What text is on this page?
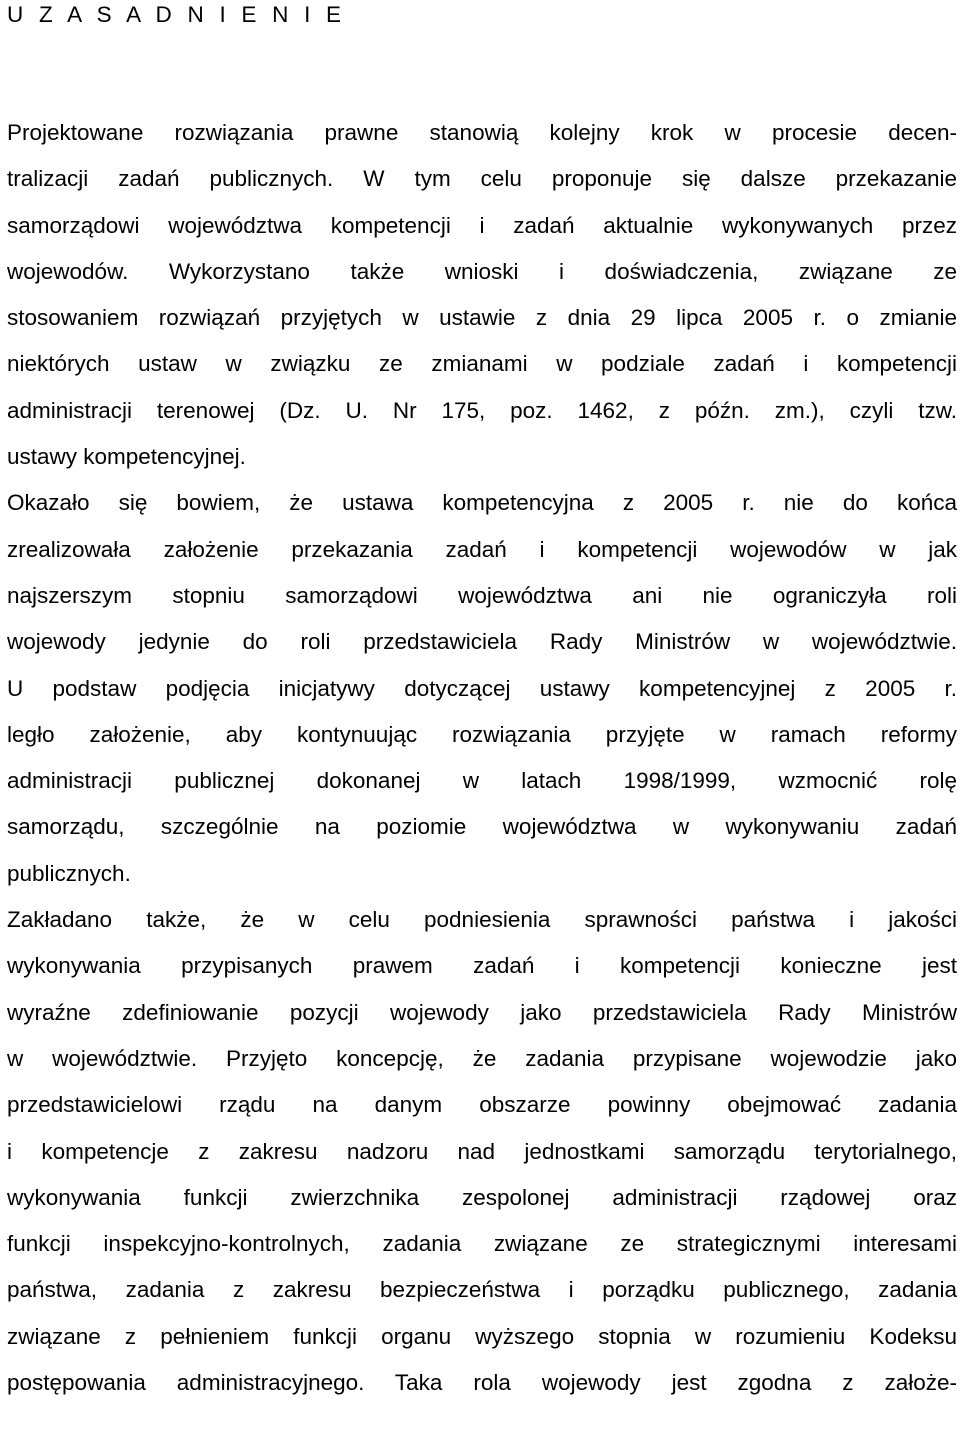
U Z A S A D N I E N I E
Projektowane rozwiązania prawne stanowią kolejny krok w procesie decen-
tralizacji zadań publicznych. W tym celu proponuje się dalsze przekazanie
samorządowi województwa kompetencji i zadań aktualnie wykonywanych przez
wojewodów. Wykorzystano także wnioski i doświadczenia, związane ze
stosowaniem rozwiązań przyjętych w ustawie z dnia 29 lipca 2005 r. o zmianie
niektórych ustaw w związku ze zmianami w podziale zadań i kompetencji
administracji terenowej (Dz. U. Nr 175, poz. 1462, z późn. zm.), czyli tzw.
ustawy kompetencyjnej.
Okazało się bowiem, że ustawa kompetencyjna z 2005 r. nie do końca
zrealizowała założenie przekazania zadań i kompetencji wojewodów w jak
najszerszym stopniu samorządowi województwa ani nie ograniczyła roli
wojewody jedynie do roli przedstawiciela Rady Ministrów w województwie.
U podstaw podjęcia inicjatywy dotyczącej ustawy kompetencyjnej z 2005 r.
legło założenie, aby kontynuując rozwiązania przyjęte w ramach reformy
administracji publicznej dokonanej w latach 1998/1999, wzmocnić rolę
samorządu, szczególnie na poziomie województwa w wykonywaniu zadań
publicznych.
Zakładano także, że w celu podniesienia sprawności państwa i jakości
wykonywania przypisanych prawem zadań i kompetencji konieczne jest
wyraźne zdefiniowanie pozycji wojewody jako przedstawiciela Rady Ministrów
w województwie. Przyjęto koncepcję, że zadania przypisane wojewodzie jako
przedstawicielowi rządu na danym obszarze powinny obejmować zadania
i kompetencje z zakresu nadzoru nad jednostkami samorządu terytorialnego,
wykonywania funkcji zwierzchnika zespolonej administracji rządowej oraz
funkcji inspekcyjno-kontrolnych, zadania związane ze strategicznymi interesami
państwa, zadania z zakresu bezpieczeństwa i porządku publicznego, zadania
związane z pełnieniem funkcji organu wyższego stopnia w rozumieniu Kodeksu
postępowania administracyjnego. Taka rola wojewody jest zgodna z założe-
